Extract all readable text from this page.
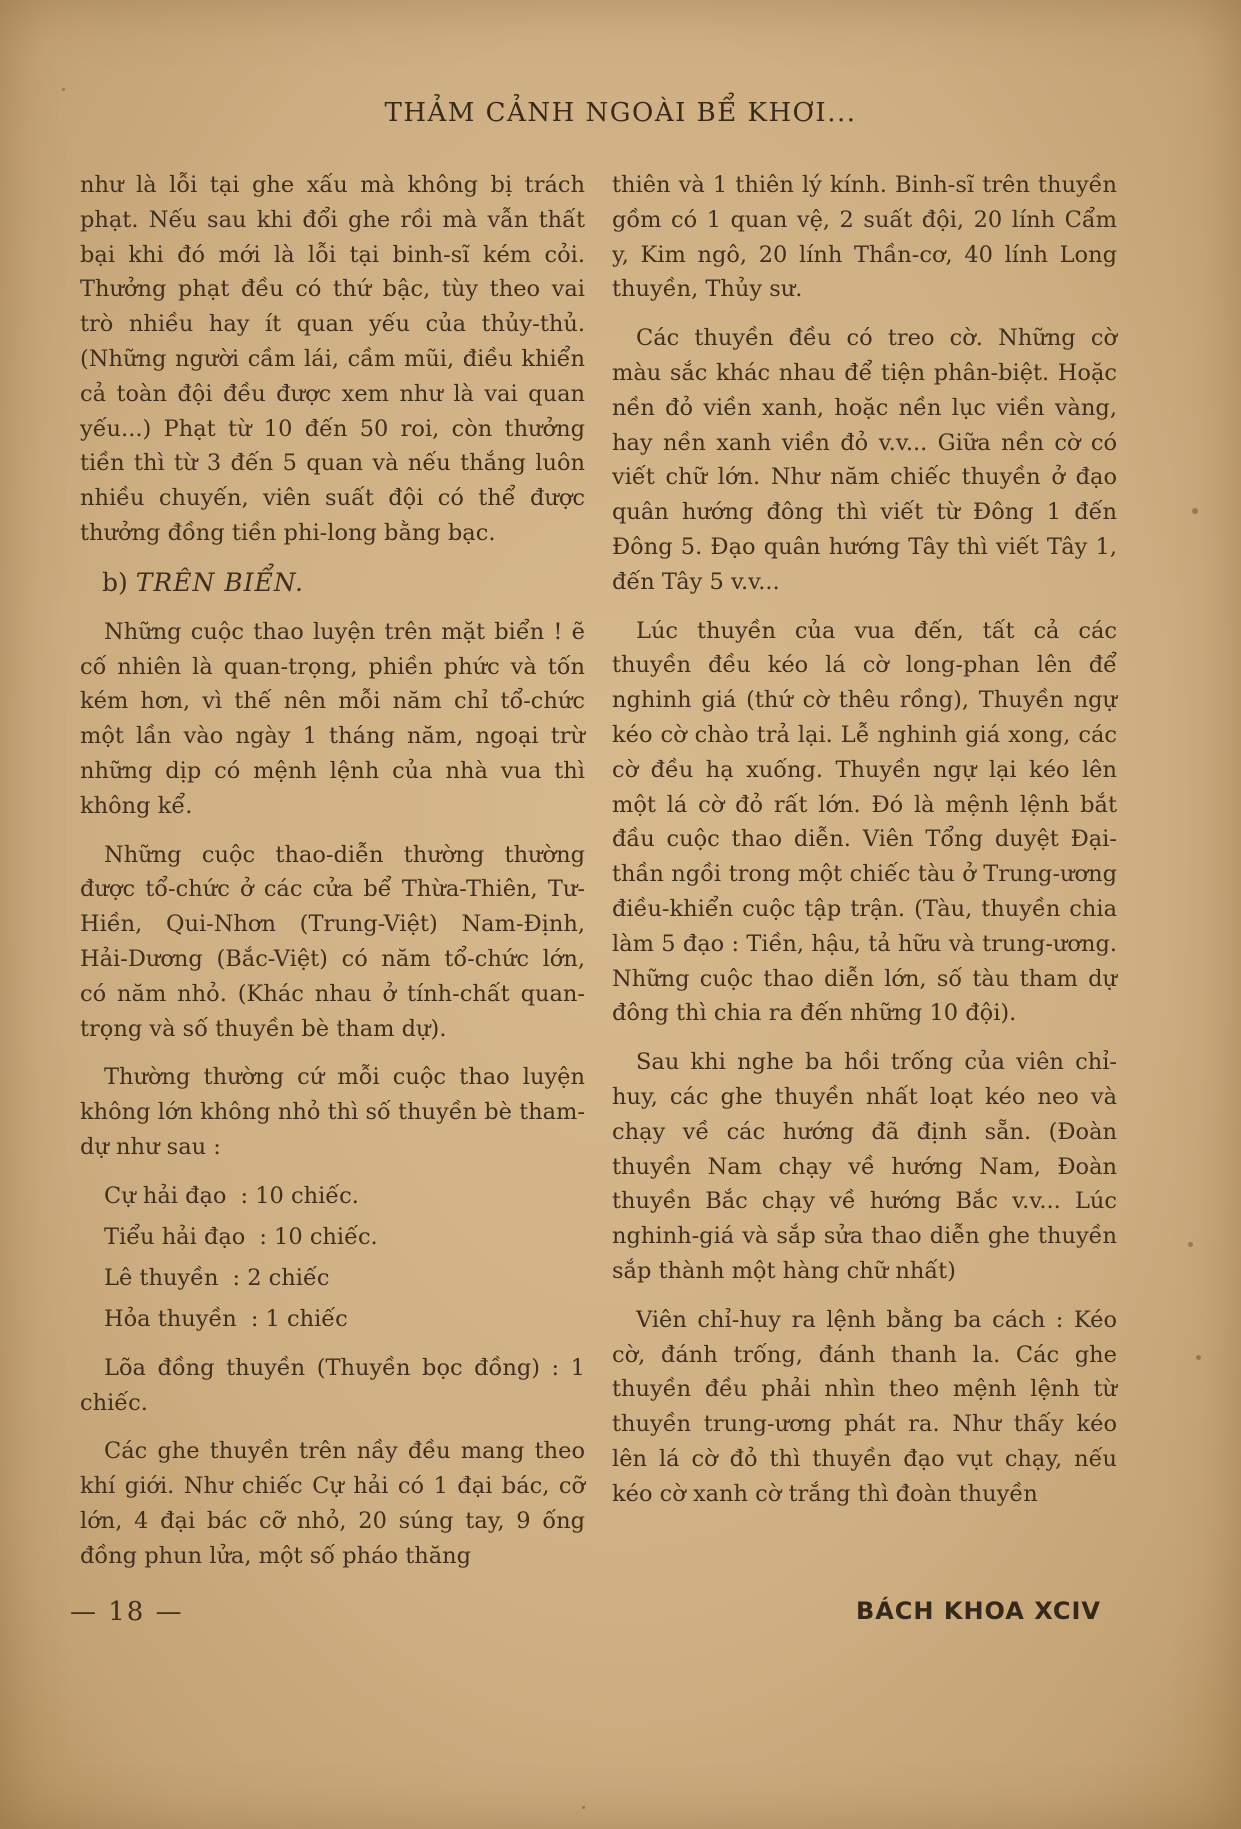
THẢM CẢNH NGOÀI BỂ KHƠI...

như là lỗi tại ghe xấu mà không bị trách phạt. Nếu sau khi đổi ghe rồi mà vẫn thất bại khi đó mới là lỗi tại binh-sĩ kém cỏi. Thưởng phạt đều có thứ bậc, tùy theo vai trò nhiều hay ít quan yếu của thủy-thủ. (Những người cầm lái, cầm mũi, điều khiển cả toàn đội đều được xem như là vai quan yếu...) Phạt từ 10 đến 50 roi, còn thưởng tiền thì từ 3 đến 5 quan và nếu thắng luôn nhiều chuyến, viên suất đội có thể được thưởng đồng tiền phi-long bằng bạc.

b) TRÊN BIỂN.

Những cuộc thao luyện trên mặt biển ! ẽ cố nhiên là quan-trọng, phiền phức và tốn kém hơn, vì thế nên mỗi năm chỉ tổ-chức một lần vào ngày 1 tháng năm, ngoại trừ những dịp có mệnh lệnh của nhà vua thì không kể.

Những cuộc thao-diễn thường thường được tổ-chức ở các cửa bể Thừa-Thiên, Tư-Hiền, Qui-Nhơn (Trung-Việt) Nam-Định, Hải-Dương (Bắc-Việt) có năm tổ-chức lớn, có năm nhỏ. (Khác nhau ở tính-chất quan-trọng và số thuyền bè tham dự).

Thường thường cứ mỗi cuộc thao luyện không lớn không nhỏ thì số thuyền bè tham-dự như sau :

Cự hải đạo : 10 chiếc.
Tiểu hải đạo : 10 chiếc.
Lê thuyền : 2 chiếc
Hỏa thuyền : 1 chiếc

Lõa đồng thuyền (Thuyền bọc đồng) : 1 chiếc.

Các ghe thuyền trên nầy đều mang theo khí giới. Như chiếc Cự hải có 1 đại bác, cỡ lớn, 4 đại bác cỡ nhỏ, 20 súng tay, 9 ống đồng phun lửa, một số pháo thăng

thiên và 1 thiên lý kính. Binh-sĩ trên thuyền gồm có 1 quan vệ, 2 suất đội, 20 lính Cẩm y, Kim ngô, 20 lính Thần-cơ, 40 lính Long thuyền, Thủy sư.

Các thuyền đều có treo cờ. Những cờ màu sắc khác nhau để tiện phân-biệt. Hoặc nền đỏ viền xanh, hoặc nền lục viền vàng, hay nền xanh viền đỏ v.v... Giữa nền cờ có viết chữ lớn. Như năm chiếc thuyền ở đạo quân hướng đông thì viết từ Đông 1 đến Đông 5. Đạo quân hướng Tây thì viết Tây 1, đến Tây 5 v.v...

Lúc thuyền của vua đến, tất cả các thuyền đều kéo lá cờ long-phan lên để nghinh giá (thứ cờ thêu rồng), Thuyền ngự kéo cờ chào trả lại. Lễ nghinh giá xong, các cờ đều hạ xuống. Thuyền ngự lại kéo lên một lá cờ đỏ rất lớn. Đó là mệnh lệnh bắt đầu cuộc thao diễn. Viên Tổng duyệt Đại-thần ngồi trong một chiếc tàu ở Trung-ương điều-khiển cuộc tập trận. (Tàu, thuyền chia làm 5 đạo : Tiền, hậu, tả hữu và trung-ương. Những cuộc thao diễn lớn, số tàu tham dự đông thì chia ra đến những 10 đội).

Sau khi nghe ba hồi trống của viên chỉ-huy, các ghe thuyền nhất loạt kéo neo và chạy về các hướng đã định sẵn. (Đoàn thuyền Nam chạy về hướng Nam, Đoàn thuyền Bắc chạy về hướng Bắc v.v... Lúc nghinh-giá và sắp sửa thao diễn ghe thuyền sắp thành một hàng chữ nhất)

Viên chỉ-huy ra lệnh bằng ba cách : Kéo cờ, đánh trống, đánh thanh la. Các ghe thuyền đều phải nhìn theo mệnh lệnh từ thuyền trung-ương phát ra. Như thấy kéo lên lá cờ đỏ thì thuyền đạo vụt chạy, nếu kéo cờ xanh cờ trắng thì đoàn thuyền

— 18 —	BÁCH KHOA XCIV
